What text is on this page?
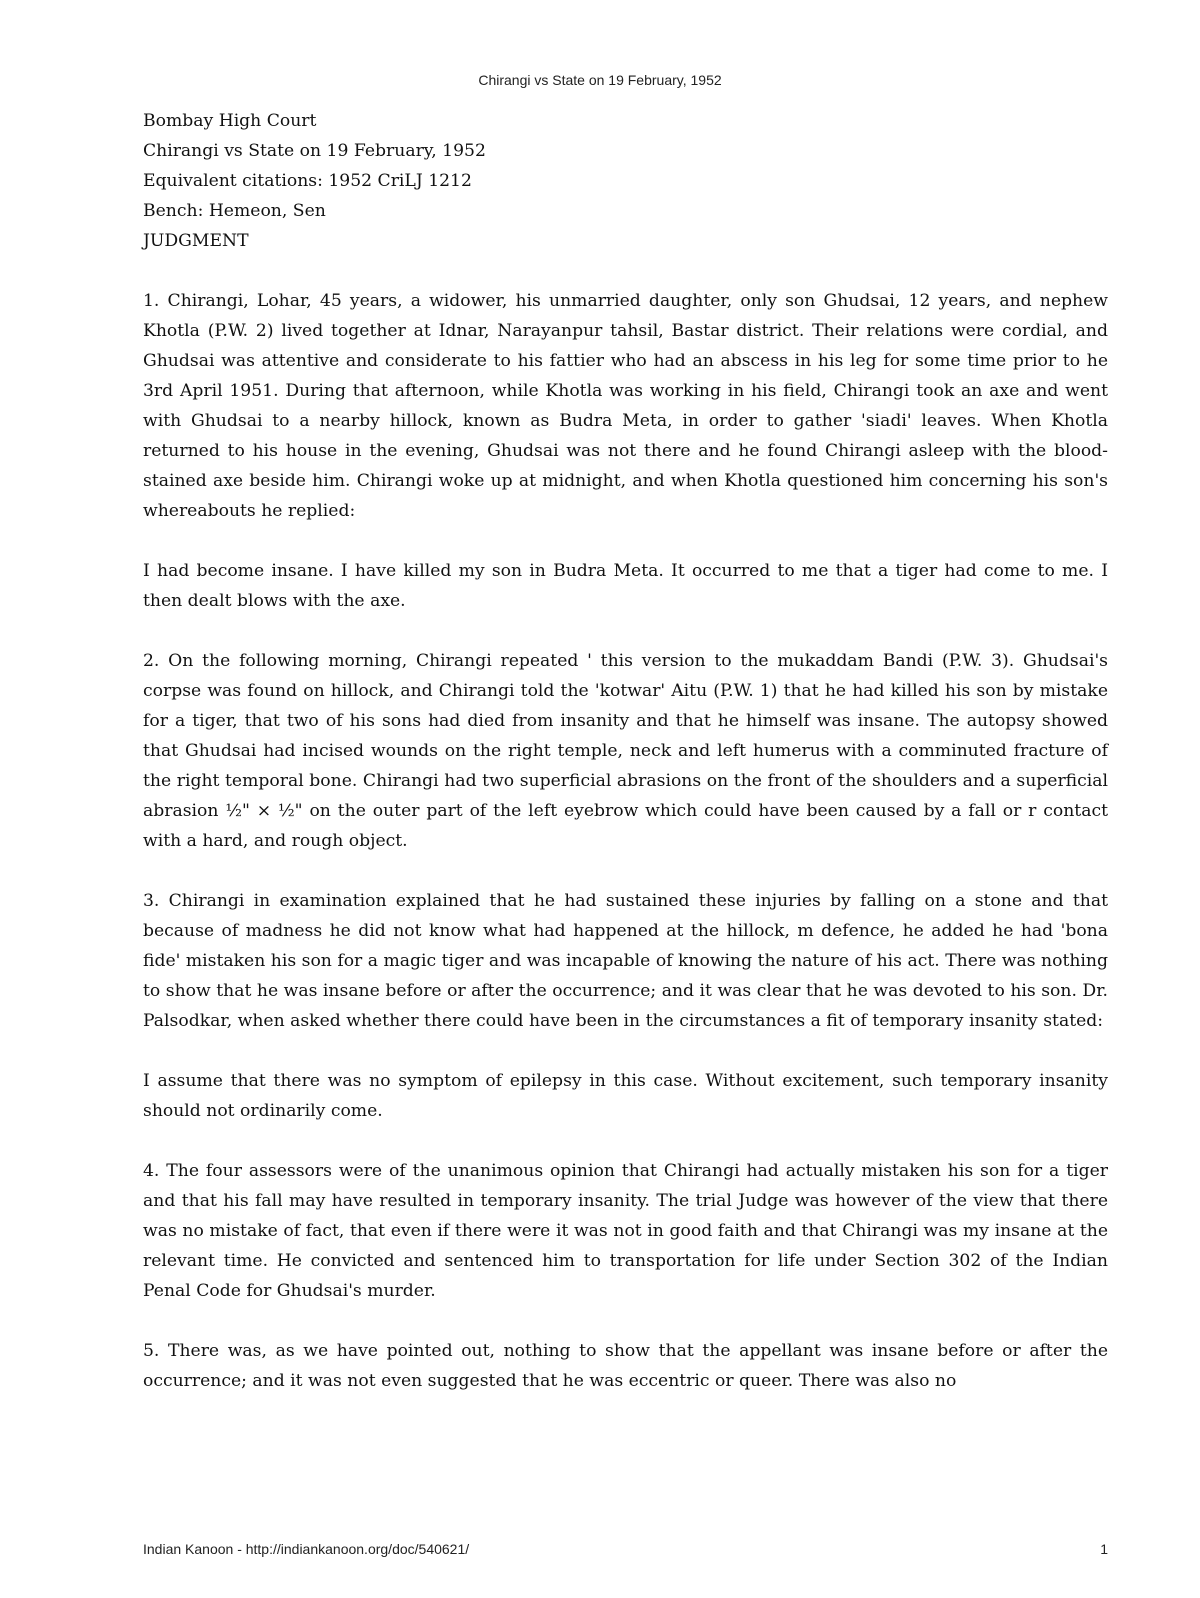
Chirangi vs State on 19 February, 1952

Bombay High Court

Chirangi vs State on 19 February, 1952

Equivalent citations: 1952 CriLJ 1212

Bench: Hemeon, Sen

JUDGMENT

1. Chirangi, Lohar, 45 years, a widower, his unmarried daughter, only son Ghudsai, 12 years, and nephew Khotla (P.W. 2) lived together at Idnar, Narayanpur tahsil, Bastar district. Their relations were cordial, and Ghudsai was attentive and considerate to his fattier who had an abscess in his leg for some time prior to he 3rd April 1951. During that afternoon, while Khotla was working in his field, Chirangi took an axe and went with Ghudsai to a nearby hillock, known as Budra Meta, in order to gather 'siadi' leaves. When Khotla returned to his house in the evening, Ghudsai was not there and he found Chirangi asleep with the blood-stained axe beside him. Chirangi woke up at midnight, and when Khotla questioned him concerning his son's whereabouts he replied:

I had become insane. I have killed my son in Budra Meta. It occurred to me that a tiger had come to me. I then dealt blows with the axe.

2. On the following morning, Chirangi repeated ' this version to the mukaddam Bandi (P.W. 3). Ghudsai's corpse was found on hillock, and Chirangi told the 'kotwar' Aitu (P.W. 1) that he had killed his son by mistake for a tiger, that two of his sons had died from insanity and that he himself was insane. The autopsy showed that Ghudsai had incised wounds on the right temple, neck and left humerus with a comminuted fracture of the right temporal bone. Chirangi had two superficial abrasions on the front of the shoulders and a superficial abrasion ½" × ½" on the outer part of the left eyebrow which could have been caused by a fall or r contact with a hard, and rough object.

3. Chirangi in examination explained that he had sustained these injuries by falling on a stone and that because of madness he did not know what had happened at the hillock, m defence, he added he had 'bona fide' mistaken his son for a magic tiger and was incapable of knowing the nature of his act. There was nothing to show that he was insane before or after the occurrence; and it was clear that he was devoted to his son. Dr. Palsodkar, when asked whether there could have been in the circumstances a fit of temporary insanity stated:

I assume that there was no symptom of epilepsy in this case. Without excitement, such temporary insanity should not ordinarily come.

4. The four assessors were of the unanimous opinion that Chirangi had actually mistaken his son for a tiger and that his fall may have resulted in temporary insanity. The trial Judge was however of the view that there was no mistake of fact, that even if there were it was not in good faith and that Chirangi was my insane at the relevant time. He convicted and sentenced him to transportation for life under Section 302 of the Indian Penal Code for Ghudsai's murder.

5. There was, as we have pointed out, nothing to show that the appellant was insane before or after the occurrence; and it was not even suggested that he was eccentric or queer. There was also no

Indian Kanoon - http://indiankanoon.org/doc/540621/	1
